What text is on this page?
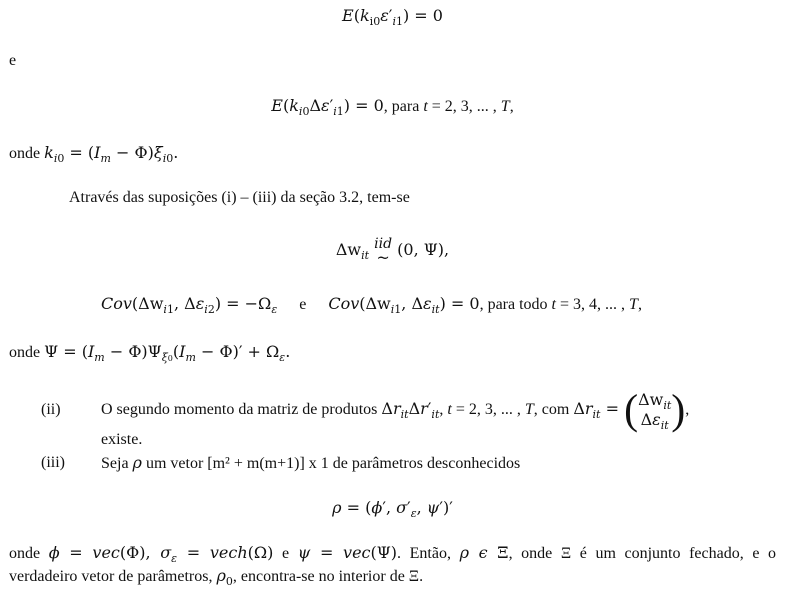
$E(k_{i0}\varepsilon'_{i1}) = 0$
e
$E(k_{i0}\Delta\varepsilon'_{i1}) = 0$, para t = 2, 3, ... , T,
onde $k_{i0} = (I_m - \Phi)\xi_{i0}$.
Através das suposições (i) – (iii) da seção 3.2, tem-se
$\Delta w_{it}$ iid
~ (0, Ψ),
$Cov(\Delta w_{i1}$, $\Delta\varepsilon_{i2}) = -\Omega_\varepsilon$ e $Cov(\Delta w_{i1}$, $\Delta\varepsilon_{it}) = 0$, para todo t = 3, 4, ... , T,
onde $\Psi = (I_m - \Phi)\Psi_{\xi 0}(I_m - \Phi)' + \Omega_\varepsilon$.
(ii)	O segundo momento da matriz de produtos $\Delta r_{it}\Delta r'_{it}$, t = 2, 3, ... , T, com $\Delta r_{it} = (\Delta w_{it}$
$\Delta\varepsilon_{it}$),
existe.
(iii) Seja ρ um vetor [m² + m(m+1)] x 1 de parâmetros desconhecidos
ρ = (ϕ′, $\sigma'_\varepsilon$, ψ′)′
onde ϕ = vec(Φ), $\sigma_\varepsilon$ = vech(Ω) e ψ = vec(Ψ). Então, ρ ϵ Ξ, onde Ξ é um conjunto fechado, e o
verdadeiro vetor de parâmetros, $\rho_0$, encontra-se no interior de Ξ.
